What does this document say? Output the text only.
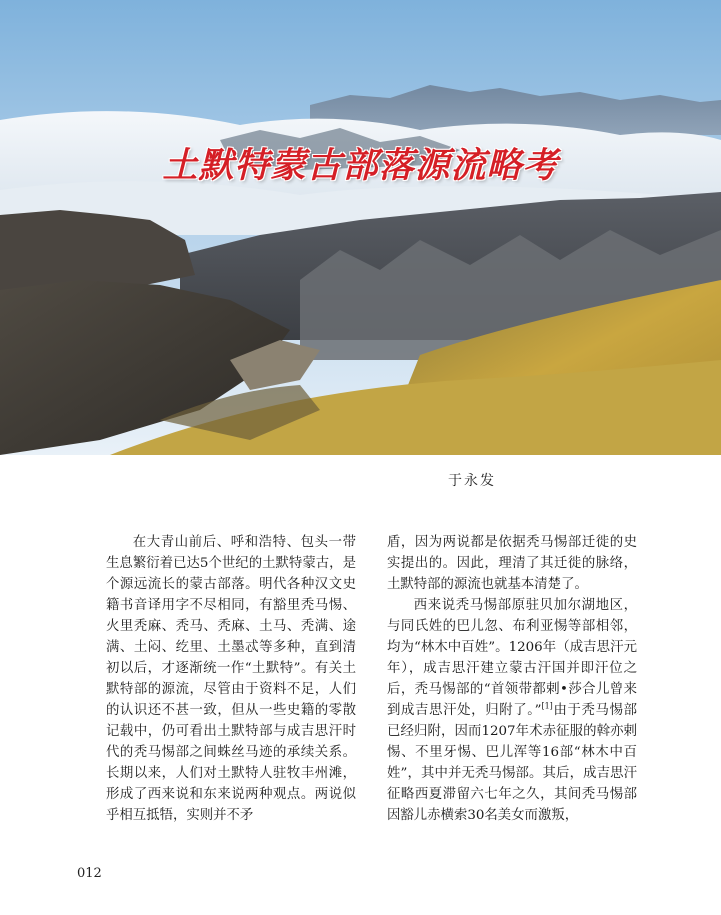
土默特蒙古部落源流略考
于永发

在大青山前后、呼和浩特、包头一带生息繁衍着已达5个世纪的土默特蒙古，是个源远流长的蒙古部落。明代各种汉文史籍书音译用字不尽相同，有豁里秃马惕、火里秃麻、秃马、秃麻、土马、秃满、途满、土闷、纥里、土墨忒等多种，直到清初以后，才逐渐统一作“土默特”。有关土默特部的源流，尽管由于资料不足，人们的认识还不甚一致，但从一些史籍的零散记载中，仍可看出土默特部与成吉思汗时代的秃马惕部之间蛛丝马迹的承续关系。长期以来，人们对土默特人驻牧丰州滩，形成了西来说和东来说两种观点。两说似乎相互抵牾，实则并不矛

盾，因为两说都是依据秃马惕部迁徙的史实提出的。因此，理清了其迁徙的脉络，土默特部的源流也就基本清楚了。

西来说秃马惕部原驻贝加尔湖地区，与同氏姓的巴儿忽、布利亚惕等部相邻，均为“林木中百姓”。1206年（成吉思汗元年），成吉思汗建立蒙古汗国并即汗位之后，秃马惕部的“首领带都剌•莎合儿曾来到成吉思汗处，归附了。”[1]由于秃马惕部已经归附，因而1207年术赤征服的斡亦剌惕、不里牙惕、巴儿浑等16部“林木中百姓”，其中并无秃马惕部。其后，成吉思汗征略西夏滞留六七年之久，其间秃马惕部因豁儿赤横索30名美女而激叛，

012
